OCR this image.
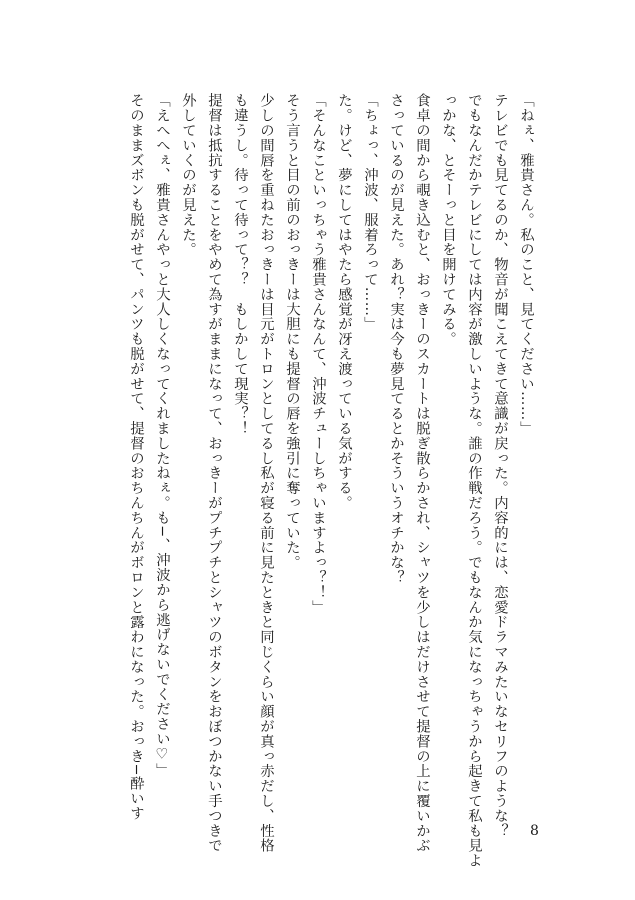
「ねぇ、雅貴さん。私のこと、見てください……」
テレビでも見てるのか、物音が聞こえてきて意識が戻った。内容的には、恋愛ドラマみたいなセリフのような？
でもなんだかテレビにしては内容が激しいような。誰の作戦だろう。でもなんか気になっちゃうから起きて私も見よ
っかな、とそーっと目を開けてみる。
食卓の間から覗き込むと、おっきーのスカートは脱ぎ散らかされ、シャツを少しはだけさせて提督の上に覆いかぶ
さっているのが見えた。あれ？実は今も夢見てるとかそういうオチかな？
「ちょっ、沖波、服着ろって……」
た。けど、夢にしてはやたら感覚が冴え渡っている気がする。
「そんなこといっちゃう雅貴さんなんて、沖波チューしちゃいますよっ？！」
そう言うと目の前のおっきーは大胆にも提督の唇を強引に奪っていた。
少しの間唇を重ねたおっきーは目元がトロンとしてるし私が寝る前に見たときと同じくらい顔が真っ赤だし、性格
も違うし。待って待って？？　もしかして現実？！
提督は抵抗することをやめて為すがままになって、おっきーがプチプチとシャツのボタンをおぼつかない手つきで
外していくのが見えた。
「えへへぇ、雅貴さんやっと大人しくなってくれましたねぇ。も−、沖波から逃げないでください♡」
そのままズボンも脱がせて、パンツも脱がせて、提督のおちんちんがボロンと露わになった。おっき−酔いす
8
